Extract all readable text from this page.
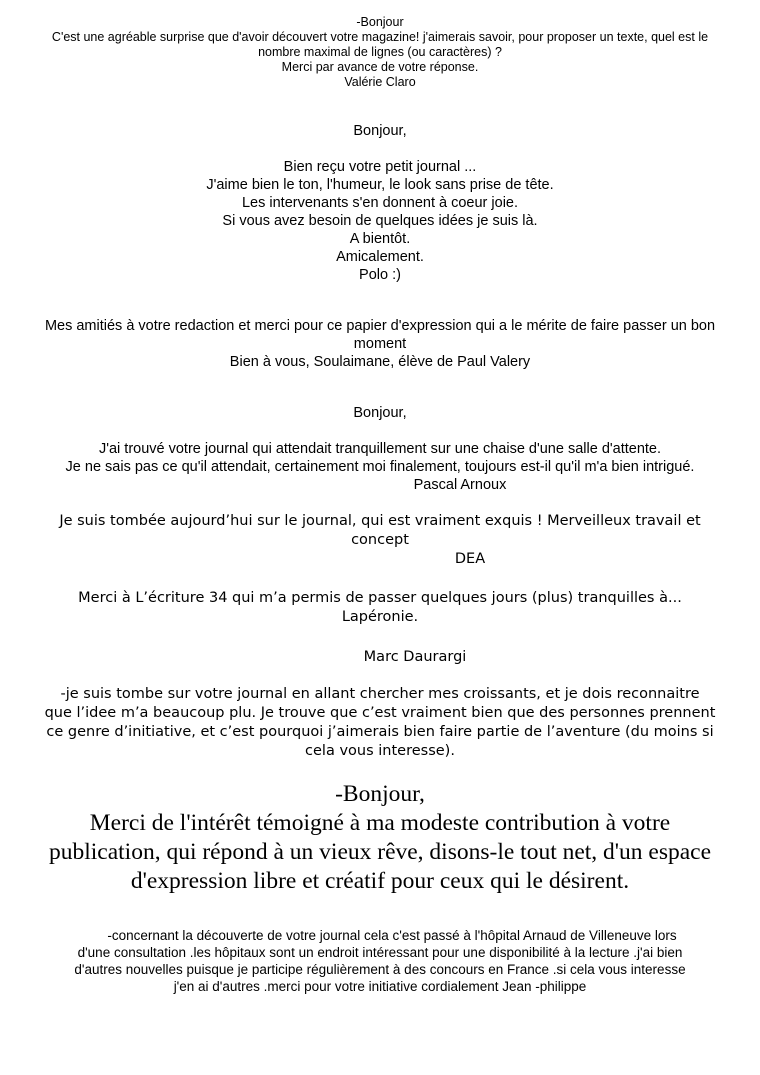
-Bonjour
C'est une agréable surprise que d'avoir découvert votre magazine! j'aimerais savoir, pour proposer un texte, quel est le
nombre maximal de lignes (ou caractères) ?
Merci par avance de votre réponse.
Valérie Claro
Bonjour,

Bien reçu votre petit journal ...
J'aime bien le ton, l'humeur, le look sans prise de tête.
Les intervenants s'en donnent à coeur joie.
Si vous avez besoin de quelques idées je suis là.
A bientôt.
Amicalement.
Polo :)
Mes amitiés à votre redaction et merci pour ce papier d'expression qui a le mérite de faire passer un bon
moment
Bien à vous, Soulaimane, élève de Paul Valery
Bonjour,

J'ai trouvé votre journal qui attendait tranquillement sur une chaise d'une salle d'attente.
Je ne sais pas ce qu'il attendait, certainement moi finalement, toujours est-il qu'il m'a bien intrigué.
Pascal Arnoux
Je suis tombée aujourd’hui sur le journal, qui est vraiment exquis ! Merveilleux travail et
concept
DEA
Merci à L’écriture 34 qui m’a permis de passer quelques jours (plus) tranquilles à...
Lapéronie.
Marc Daurargi
-je suis tombe sur votre journal en allant chercher mes croissants, et je dois reconnaitre
que l’idee m’a beaucoup plu. Je trouve que c’est vraiment bien que des personnes prennent
ce genre d’initiative, et c’est pourquoi j’aimerais bien faire partie de l’aventure (du moins si
cela vous interesse).
-Bonjour,
Merci de l'intérêt témoigné à ma modeste contribution à votre
publication, qui répond à un vieux rêve, disons-le tout net, d'un espace
d'expression libre et créatif pour ceux qui le désirent.
-concernant la découverte de votre journal cela c'est passé à l'hôpital Arnaud de Villeneuve lors
d'une consultation .les hôpitaux sont un endroit intéressant pour une disponibilité à la lecture .j'ai bien
d'autres nouvelles puisque je participe régulièrement à des concours en France .si cela vous interesse
j'en ai d'autres .merci pour votre initiative cordialement Jean -philippe
